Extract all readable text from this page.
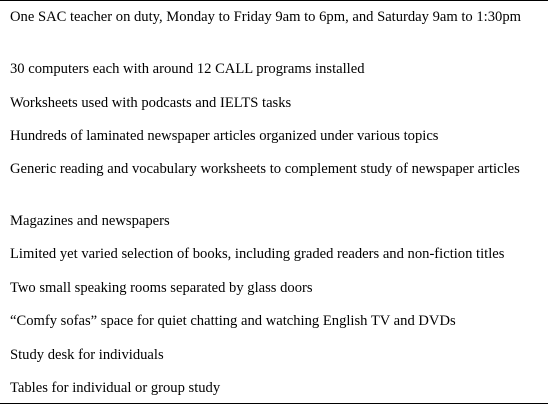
One SAC teacher on duty, Monday to Friday 9am to 6pm, and Saturday 9am to 1:30pm
30 computers each with around 12 CALL programs installed
Worksheets used with podcasts and IELTS tasks
Hundreds of laminated newspaper articles organized under various topics
Generic reading and vocabulary worksheets to complement study of newspaper articles
Magazines and newspapers
Limited yet varied selection of books, including graded readers and non-fiction titles
Two small speaking rooms separated by glass doors
“Comfy sofas” space for quiet chatting and watching English TV and DVDs
Study desk for individuals
Tables for individual or group study
